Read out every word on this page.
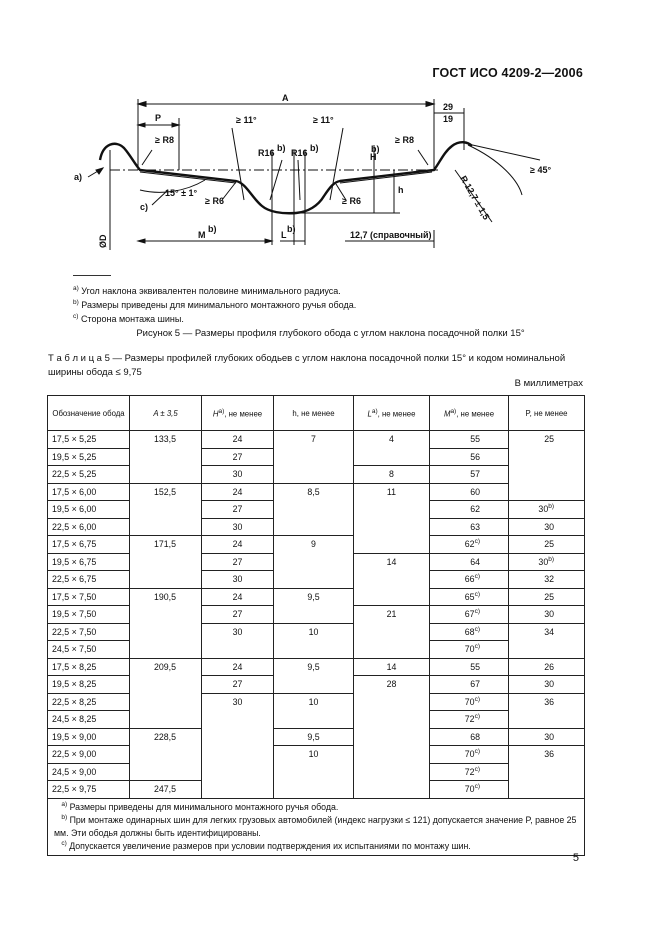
ГОСТ ИСО 4209-2—2006
A
P
≥ R8	≥ R8
≥ 11°	≥ 11°
R16 b) R16 b)
H
b)
h
29
19
≥ 45°
R 12,7 ± 1,5
a)
c)
15° ± 1°
≥ R6	≥ R6
M
b)
L
b)
12,7 (справочный)
ØD
$^{a)}$ Угол наклона эквивалентен половине минимального радиуса.
$^{b)}$ Размеры приведены для минимального монтажного ручья обода.
$^{c)}$ Сторона монтажа шины.
Рисунок 5 — Размеры профиля глубокого обода с углом наклона посадочной полки 15°
Т а б л и ц а 5 — Размеры профилей глубоких ободьев с углом наклона посадочной полки 15° и кодом номинальной ширины обода ≤ 9,75
В миллиметрах
Обозначение обода	A ± 3,5	$H^{a)}$, не менее	h, не менее	$L^{a)}$, не менее	$M^{a)}$, не менее	P, не менее
17,5 × 5,25	133,5	24	7	4	55	25
19,5 × 5,25		27			56	
22,5 × 5,25		30		8	57	
17,5 × 6,00	152,5	24	8,5	11	60	
19,5 × 6,00		27			62	30$^{b)}$
22,5 × 6,00		30			63	30
17,5 × 6,75	171,5	24	9		62$^{c)}$	25
19,5 × 6,75		27		14	64	30$^{b)}$
22,5 × 6,75		30			66$^{c)}$	32
17,5 × 7,50	190,5	24	9,5		65$^{c)}$	25
19,5 × 7,50		27		21	67$^{c)}$	30
22,5 × 7,50		30	10		68$^{c)}$	34
24,5 × 7,50					70$^{c)}$	
17,5 × 8,25	209,5	24	9,5	14	55	26
19,5 × 8,25		27		28	67	30
22,5 × 8,25		30	10		70$^{c)}$	36
24,5 × 8,25					72$^{c)}$	
19,5 × 9,00	228,5		9,5		68	30
22,5 × 9,00			10		70$^{c)}$	36
24,5 × 9,00					72$^{c)}$	
22,5 × 9,75	247,5				70$^{c)}$	

$^{a)}$ Размеры приведены для минимального монтажного ручья обода.
$^{b)}$ При монтаже одинарных шин для легких грузовых автомобилей (индекс нагрузки ≤ 121) допускается значение P, равное 25 мм. Эти ободья должны быть идентифицированы.
$^{c)}$ Допускается увеличение размеров при условии подтверждения их испытаниями по монтажу шин.						
5
